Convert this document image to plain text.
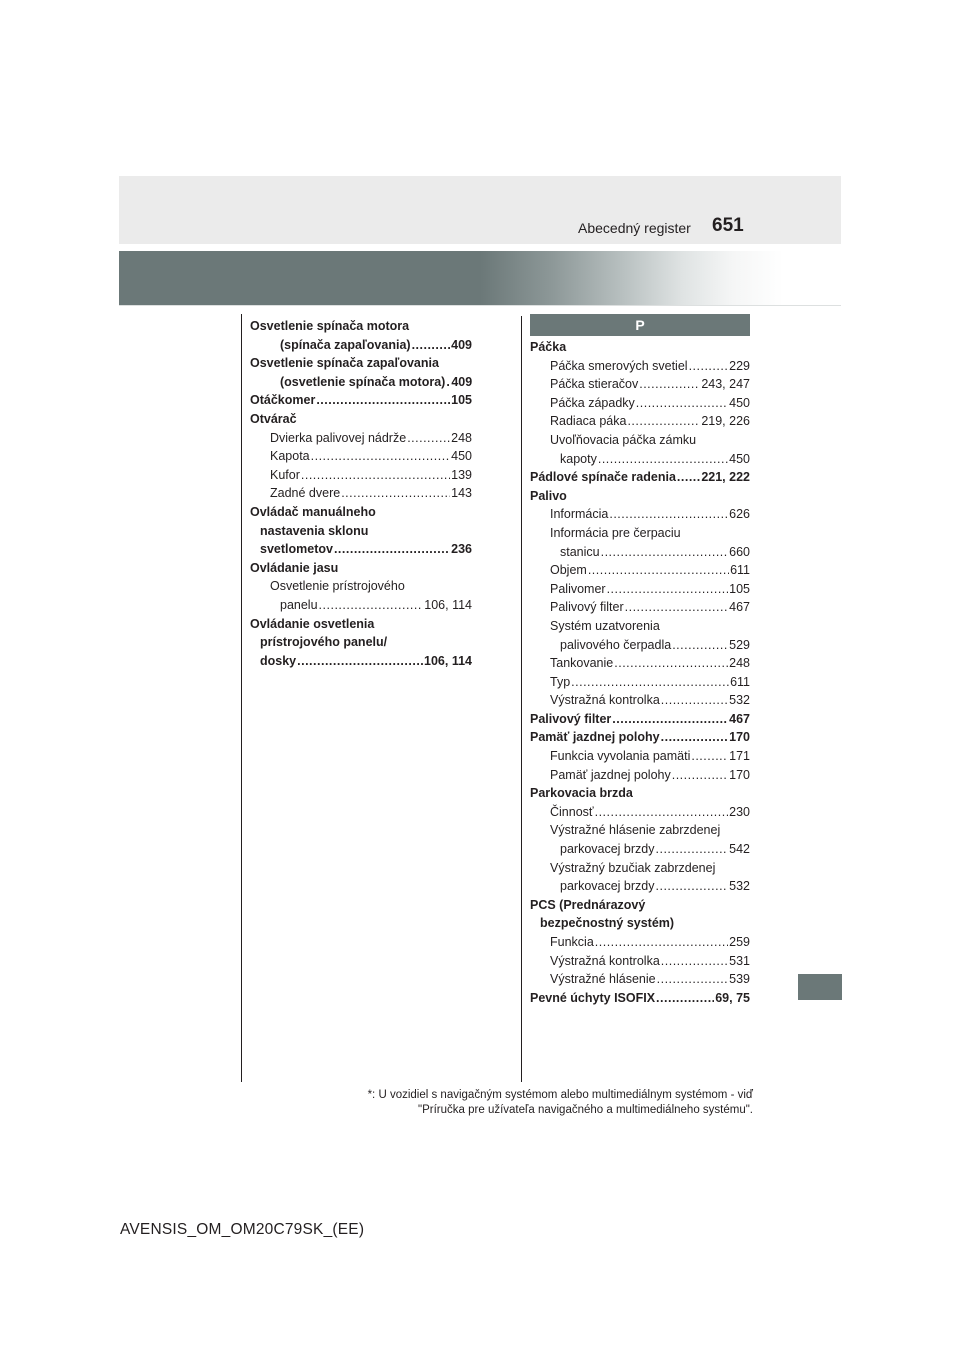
Abecedný register 651
Osvetlenie spínača motora
(spínača zapaľovania) .....	409
Osvetlenie spínača zapaľovania
(osvetlenie spínača motora) ..... 409
Otáčkomer .....	105
Otvárač
Dvierka palivovej nádrže .....	248
Kapota .....	450
Kufor .....	139
Zadné dvere .....	143
Ovládač manuálneho
nastavenia sklonu
svetlometov .....	236
Ovládanie jasu
Osvetlenie prístrojového
panelu .....	106, 114
Ovládanie osvetlenia
prístrojového panelu/
dosky .....	106, 114
P
Páčka
Páčka smerových svetiel .....	229
Páčka stieračov .....	243, 247
Páčka západky .....	450
Radiaca páka .....	219, 226
Uvoľňovacia páčka zámku
kapoty .....	450
Pádlové spínače radenia ..... 221, 222
Palivo
Informácia .....	626
Informácia pre čerpaciu
stanicu .....	660
Objem .....	611
Palivomer .....	105
Palivový filter .....	467
Systém uzatvorenia
palivového čerpadla .....	529
Tankovanie .....	248
Typ .....	611
Výstražná kontrolka .....	532
Palivový filter .....	467
Pamäť jazdnej polohy .....	170
Funkcia vyvolania pamäti .....	171
Pamäť jazdnej polohy .....	170
Parkovacia brzda
Činnosť .....	230
Výstražné hlásenie zabrzdenej
parkovacej brzdy .....	542
Výstražný bzučiak zabrzdenej
parkovacej brzdy .....	532
PCS (Prednárazový
bezpečnostný systém)
Funkcia .....	259
Výstražná kontrolka .....	531
Výstražné hlásenie .....	539
Pevné úchyty ISOFIX .....	69, 75
*: U vozidiel s navigačným systémom alebo multimediálnym systémom - viď
"Príručka pre užívateľa navigačného a multimediálneho systému".
AVENSIS_OM_OM20C79SK_(EE)
